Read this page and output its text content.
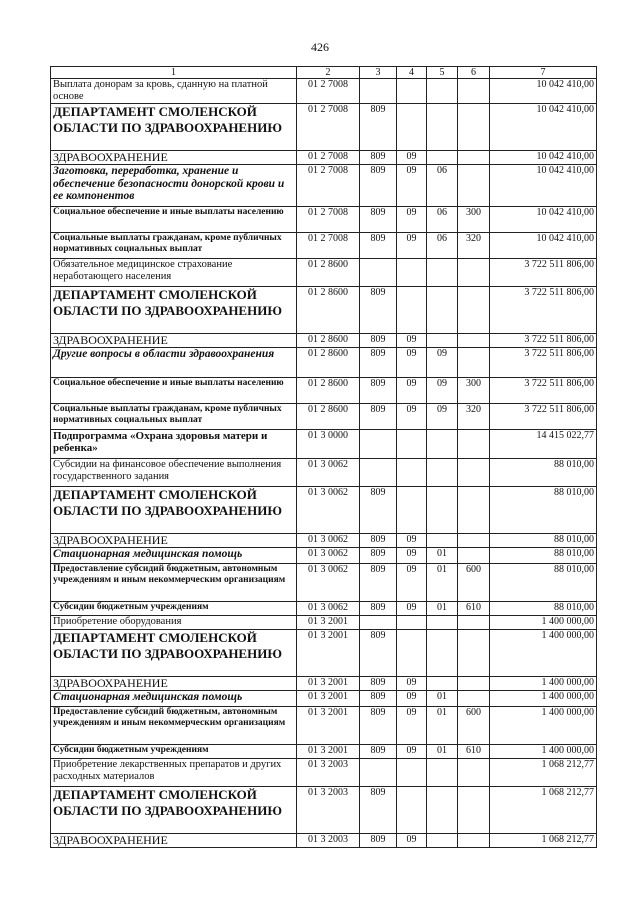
426
1	2	3	4	5	6	7
Выплата донорам за кровь, сданную на платной основе	01 2 7008					10 042 410,00
ДЕПАРТАМЕНТ СМОЛЕНСКОЙ ОБЛАСТИ ПО ЗДРАВООХРАНЕНИЮ	01 2 7008	809				10 042 410,00
ЗДРАВООХРАНЕНИЕ	01 2 7008	809	09			10 042 410,00
Заготовка, переработка, хранение и обеспечение безопасности донорской крови и ее компонентов	01 2 7008	809	09	06		10 042 410,00
Социальное обеспечение и иные выплаты населению	01 2 7008	809	09	06	300	10 042 410,00
Социальные выплаты гражданам, кроме публичных нормативных социальных выплат	01 2 7008	809	09	06	320	10 042 410,00
Обязательное медицинское страхование неработающего населения	01 2 8600					3 722 511 806,00
ДЕПАРТАМЕНТ СМОЛЕНСКОЙ ОБЛАСТИ ПО ЗДРАВООХРАНЕНИЮ	01 2 8600	809				3 722 511 806,00
ЗДРАВООХРАНЕНИЕ	01 2 8600	809	09			3 722 511 806,00
Другие вопросы в области здравоохранения	01 2 8600	809	09	09		3 722 511 806,00
Социальное обеспечение и иные выплаты населению	01 2 8600	809	09	09	300	3 722 511 806,00
Социальные выплаты гражданам, кроме публичных нормативных социальных выплат	01 2 8600	809	09	09	320	3 722 511 806,00
Подпрограмма «Охрана здоровья матери и ребенка»	01 3 0000					14 415 022,77
Субсидии на финансовое обеспечение выполнения государственного задания	01 3 0062					88 010,00
ДЕПАРТАМЕНТ СМОЛЕНСКОЙ ОБЛАСТИ ПО ЗДРАВООХРАНЕНИЮ	01 3 0062	809				88 010,00
ЗДРАВООХРАНЕНИЕ	01 3 0062	809	09			88 010,00
Стационарная медицинская помощь	01 3 0062	809	09	01		88 010,00
Предоставление субсидий бюджетным, автономным учреждениям и иным некоммерческим организациям	01 3 0062	809	09	01	600	88 010,00
Субсидии бюджетным учреждениям	01 3 0062	809	09	01	610	88 010,00
Приобретение оборудования	01 3 2001					1 400 000,00
ДЕПАРТАМЕНТ СМОЛЕНСКОЙ ОБЛАСТИ ПО ЗДРАВООХРАНЕНИЮ	01 3 2001	809				1 400 000,00
ЗДРАВООХРАНЕНИЕ	01 3 2001	809	09			1 400 000,00
Стационарная медицинская помощь	01 3 2001	809	09	01		1 400 000,00
Предоставление субсидий бюджетным, автономным учреждениям и иным некоммерческим организациям	01 3 2001	809	09	01	600	1 400 000,00
Субсидии бюджетным учреждениям	01 3 2001	809	09	01	610	1 400 000,00
Приобретение лекарственных препаратов и других расходных материалов	01 3 2003					1 068 212,77
ДЕПАРТАМЕНТ СМОЛЕНСКОЙ ОБЛАСТИ ПО ЗДРАВООХРАНЕНИЮ	01 3 2003	809				1 068 212,77
ЗДРАВООХРАНЕНИЕ	01 3 2003	809	09			1 068 212,77
